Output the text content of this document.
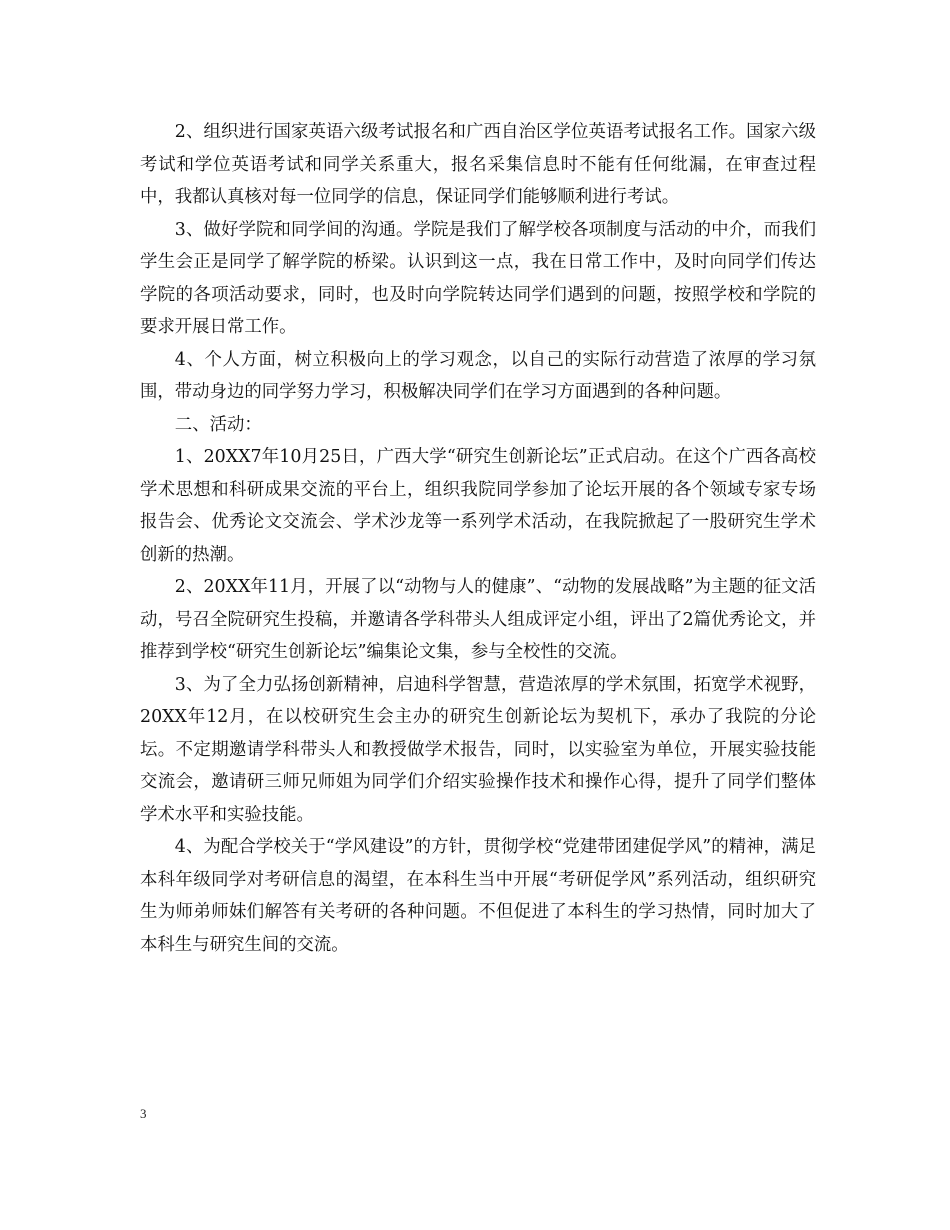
2、组织进行国家英语六级考试报名和广西自治区学位英语考试报名工作。国家六级考试和学位英语考试和同学关系重大，报名采集信息时不能有任何纰漏，在审查过程中，我都认真核对每一位同学的信息，保证同学们能够顺利进行考试。

3、做好学院和同学间的沟通。学院是我们了解学校各项制度与活动的中介，而我们学生会正是同学了解学院的桥梁。认识到这一点，我在日常工作中，及时向同学们传达学院的各项活动要求，同时，也及时向学院转达同学们遇到的问题，按照学校和学院的要求开展日常工作。

4、个人方面，树立积极向上的学习观念，以自己的实际行动营造了浓厚的学习氛围，带动身边的同学努力学习，积极解决同学们在学习方面遇到的各种问题。

二、活动：

1、20XX7年10月25日，广西大学“研究生创新论坛”正式启动。在这个广西各高校学术思想和科研成果交流的平台上，组织我院同学参加了论坛开展的各个领域专家专场报告会、优秀论文交流会、学术沙龙等一系列学术活动，在我院掀起了一股研究生学术创新的热潮。

2、20XX年11月，开展了以“动物与人的健康”、“动物的发展战略”为主题的征文活动，号召全院研究生投稿，并邀请各学科带头人组成评定小组，评出了2篇优秀论文，并推荐到学校“研究生创新论坛”编集论文集，参与全校性的交流。

3、为了全力弘扬创新精神，启迪科学智慧，营造浓厚的学术氛围，拓宽学术视野，20XX年12月，在以校研究生会主办的研究生创新论坛为契机下，承办了我院的分论坛。不定期邀请学科带头人和教授做学术报告，同时，以实验室为单位，开展实验技能交流会，邀请研三师兄师姐为同学们介绍实验操作技术和操作心得，提升了同学们整体学术水平和实验技能。

4、为配合学校关于“学风建设”的方针，贯彻学校“党建带团建促学风”的精神，满足本科年级同学对考研信息的渴望，在本科生当中开展“考研促学风”系列活动，组织研究生为师弟师妹们解答有关考研的各种问题。不但促进了本科生的学习热情，同时加大了本科生与研究生间的交流。

3
